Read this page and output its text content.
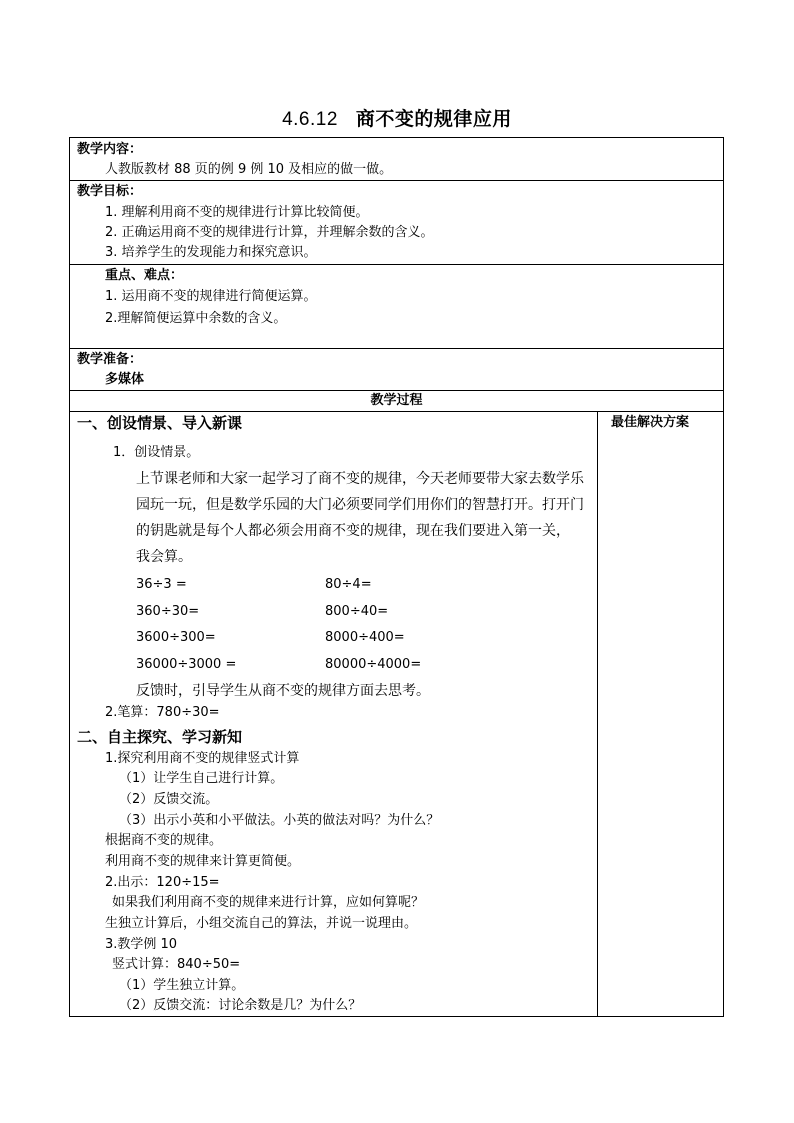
4.6.12 商不变的规律应用
教学内容：
人教版教材 88 页的例 9 例 10 及相应的做一做。
教学目标：
1. 理解利用商不变的规律进行计算比较简便。
2. 正确运用商不变的规律进行计算，并理解余数的含义。
3. 培养学生的发现能力和探究意识。
重点、难点：
1. 运用商不变的规律进行简便运算。
2.理解简便运算中余数的含义。
教学准备：
多媒体
教学过程
最佳解决方案
一、创设情景、导入新课
1．创设情景。
上节课老师和大家一起学习了商不变的规律，今天老师要带大家去数学乐
园玩一玩，但是数学乐园的大门必须要同学们用你们的智慧打开。打开门
的钥匙就是每个人都必须会用商不变的规律，现在我们要进入第一关，
我会算。
36÷3 =
360÷30=
3600÷300=
36000÷3000 =
80÷4=
800÷40=
8000÷400=
80000÷4000=
反馈时，引导学生从商不变的规律方面去思考。
2.笔算：780÷30=
二、自主探究、学习新知
1.探究利用商不变的规律竖式计算
（1）让学生自己进行计算。
（2）反馈交流。
（3）出示小英和小平做法。小英的做法对吗？为什么？
根据商不变的规律。
利用商不变的规律来计算更简便。
2.出示：120÷15=
如果我们利用商不变的规律来进行计算，应如何算呢？
生独立计算后，小组交流自己的算法，并说一说理由。
3.教学例 10
竖式计算：840÷50=
（1）学生独立计算。
（2）反馈交流：讨论余数是几？为什么？
